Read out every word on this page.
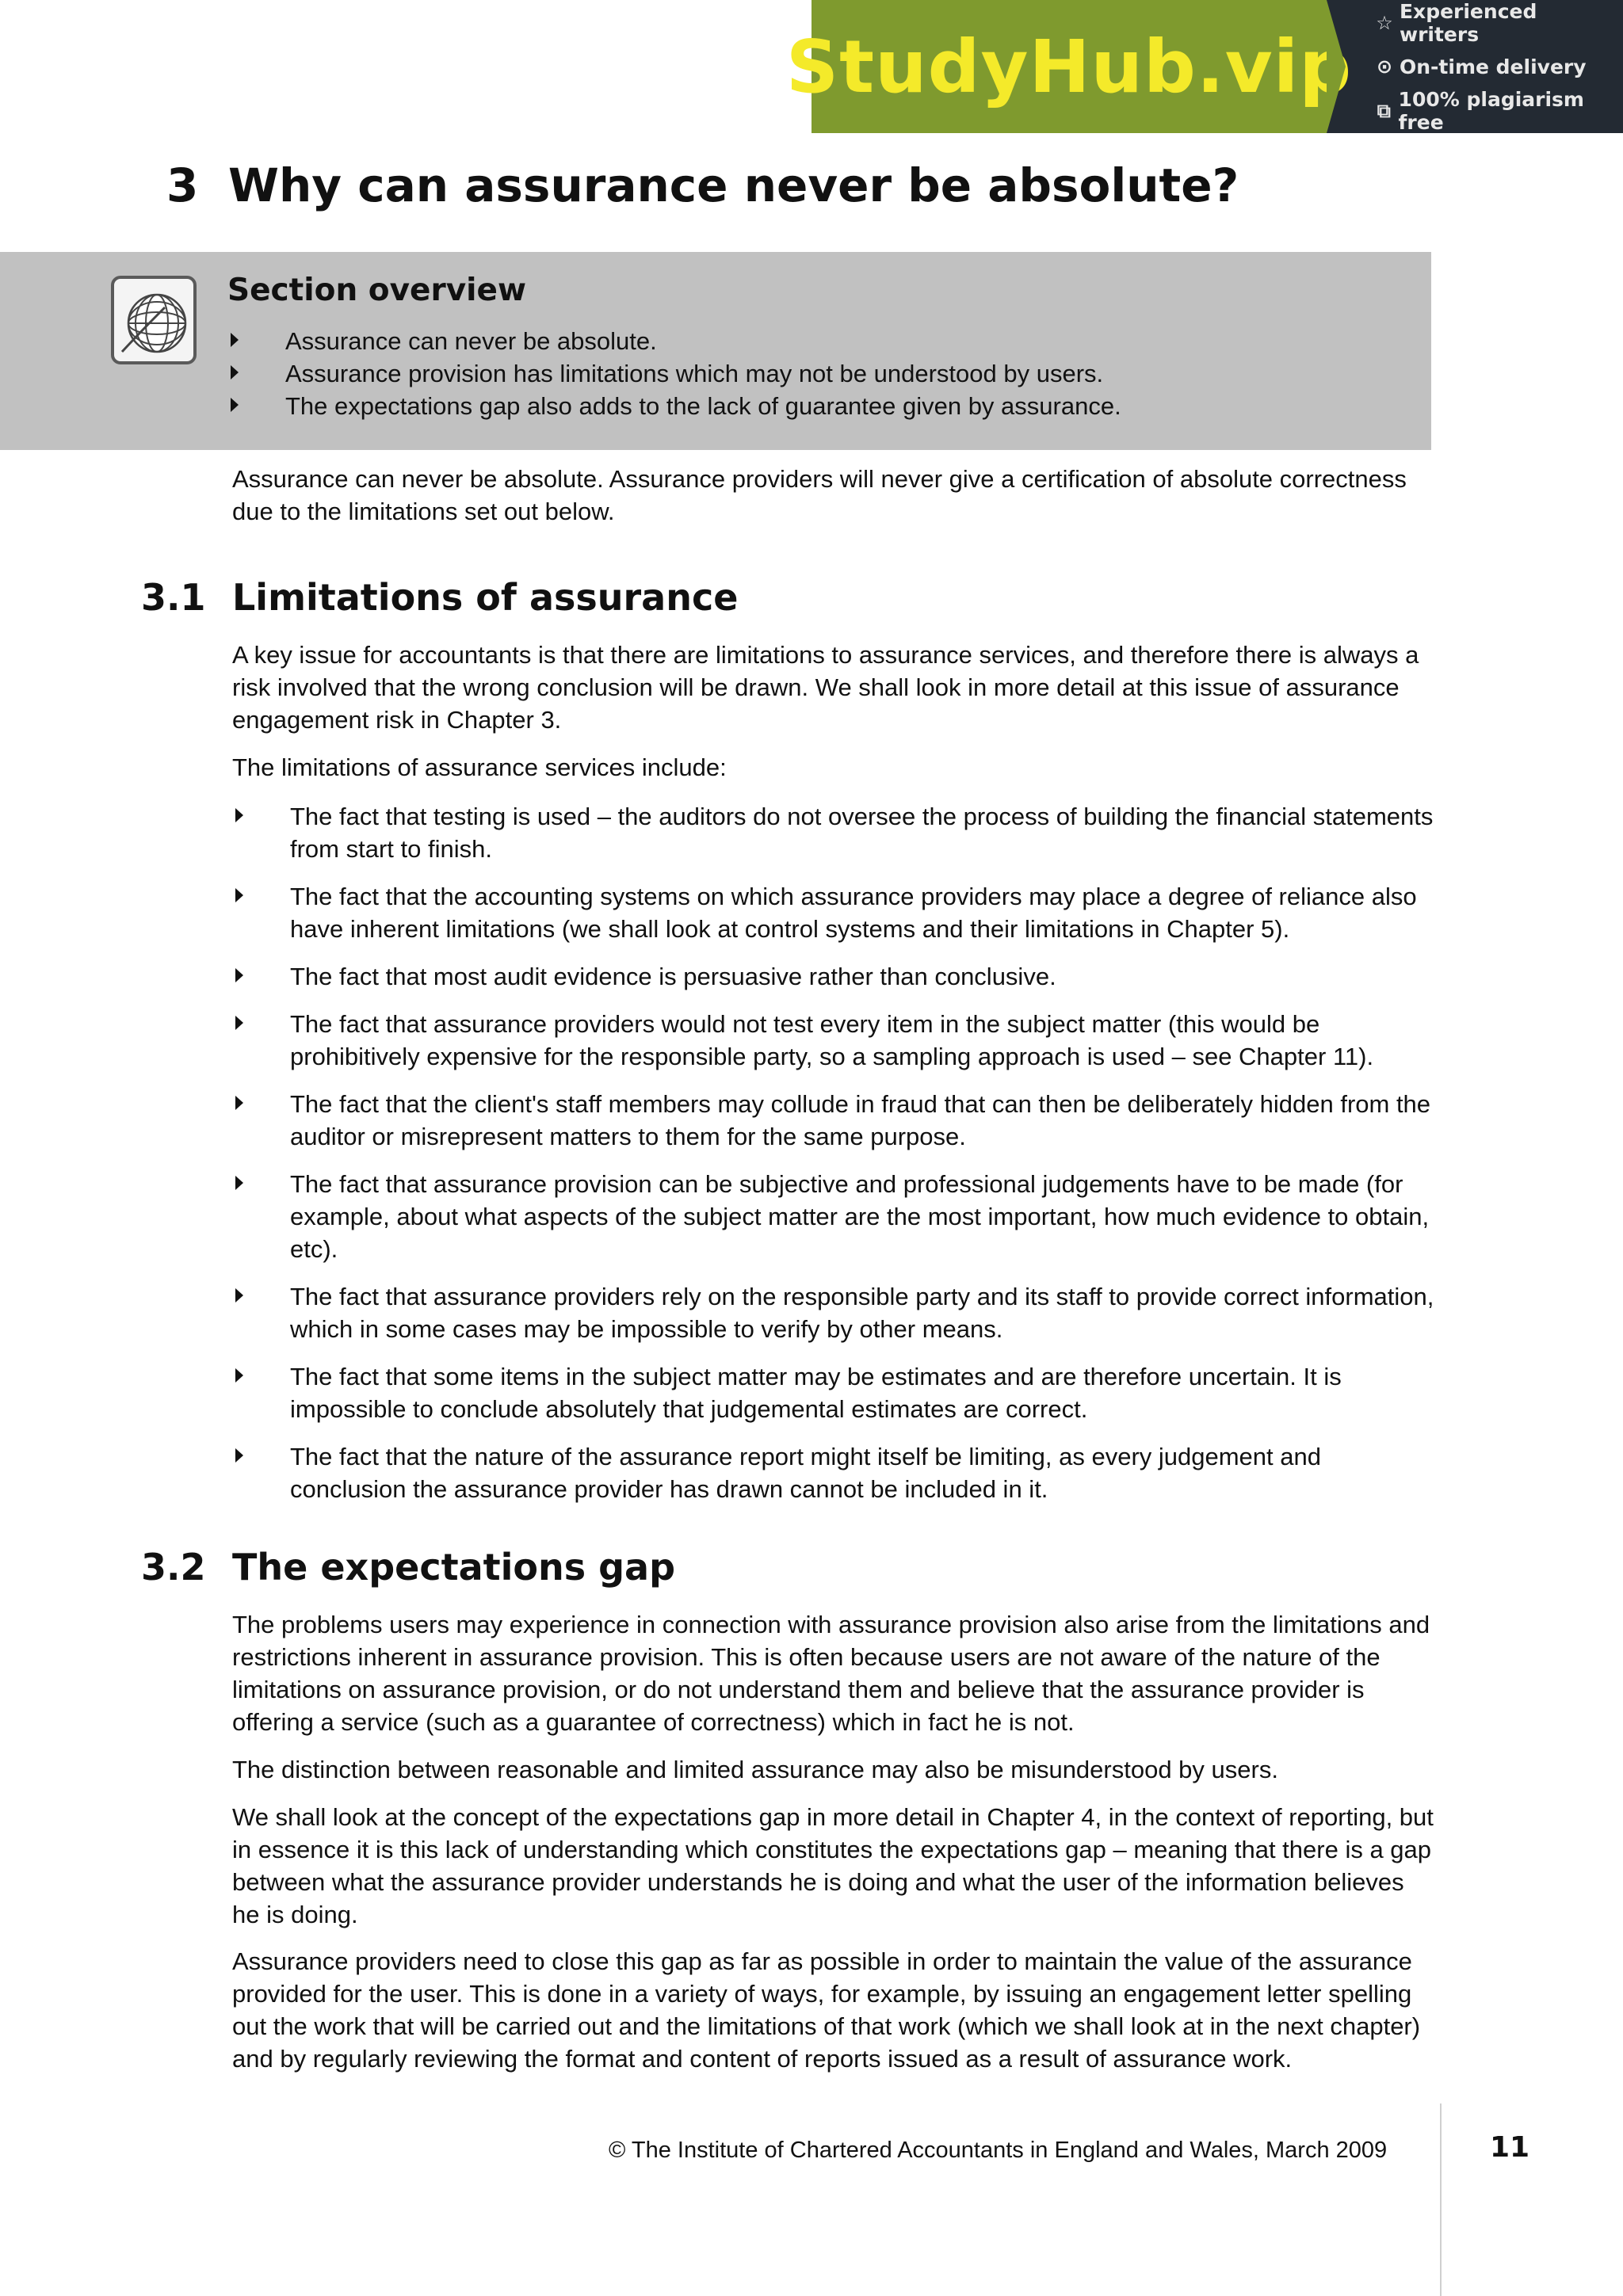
StudyHub.vip
☆ Experienced writers
⊙ On-time delivery
⧉ 100% plagiarism free
3 Why can assurance never be absolute?
Section overview
Assurance can never be absolute.
Assurance provision has limitations which may not be understood by users.
The expectations gap also adds to the lack of guarantee given by assurance.

Assurance can never be absolute. Assurance providers will never give a certification of absolute correctness due to the limitations set out below.

3.1 Limitations of assurance

A key issue for accountants is that there are limitations to assurance services, and therefore there is always a risk involved that the wrong conclusion will be drawn. We shall look in more detail at this issue of assurance engagement risk in Chapter 3.

The limitations of assurance services include:

The fact that testing is used – the auditors do not oversee the process of building the financial statements from start to finish.
The fact that the accounting systems on which assurance providers may place a degree of reliance also have inherent limitations (we shall look at control systems and their limitations in Chapter 5).
The fact that most audit evidence is persuasive rather than conclusive.
The fact that assurance providers would not test every item in the subject matter (this would be prohibitively expensive for the responsible party, so a sampling approach is used – see Chapter 11).
The fact that the client's staff members may collude in fraud that can then be deliberately hidden from the auditor or misrepresent matters to them for the same purpose.
The fact that assurance provision can be subjective and professional judgements have to be made (for example, about what aspects of the subject matter are the most important, how much evidence to obtain, etc).
The fact that assurance providers rely on the responsible party and its staff to provide correct information, which in some cases may be impossible to verify by other means.
The fact that some items in the subject matter may be estimates and are therefore uncertain. It is impossible to conclude absolutely that judgemental estimates are correct.
The fact that the nature of the assurance report might itself be limiting, as every judgement and conclusion the assurance provider has drawn cannot be included in it.
3.2 The expectations gap

The problems users may experience in connection with assurance provision also arise from the limitations and restrictions inherent in assurance provision. This is often because users are not aware of the nature of the limitations on assurance provision, or do not understand them and believe that the assurance provider is offering a service (such as a guarantee of correctness) which in fact he is not.

The distinction between reasonable and limited assurance may also be misunderstood by users.

We shall look at the concept of the expectations gap in more detail in Chapter 4, in the context of reporting, but in essence it is this lack of understanding which constitutes the expectations gap – meaning that there is a gap between what the assurance provider understands he is doing and what the user of the information believes he is doing.

Assurance providers need to close this gap as far as possible in order to maintain the value of the assurance provided for the user. This is done in a variety of ways, for example, by issuing an engagement letter spelling out the work that will be carried out and the limitations of that work (which we shall look at in the next chapter) and by regularly reviewing the format and content of reports issued as a result of assurance work.

© The Institute of Chartered Accountants in England and Wales, March 2009	11
